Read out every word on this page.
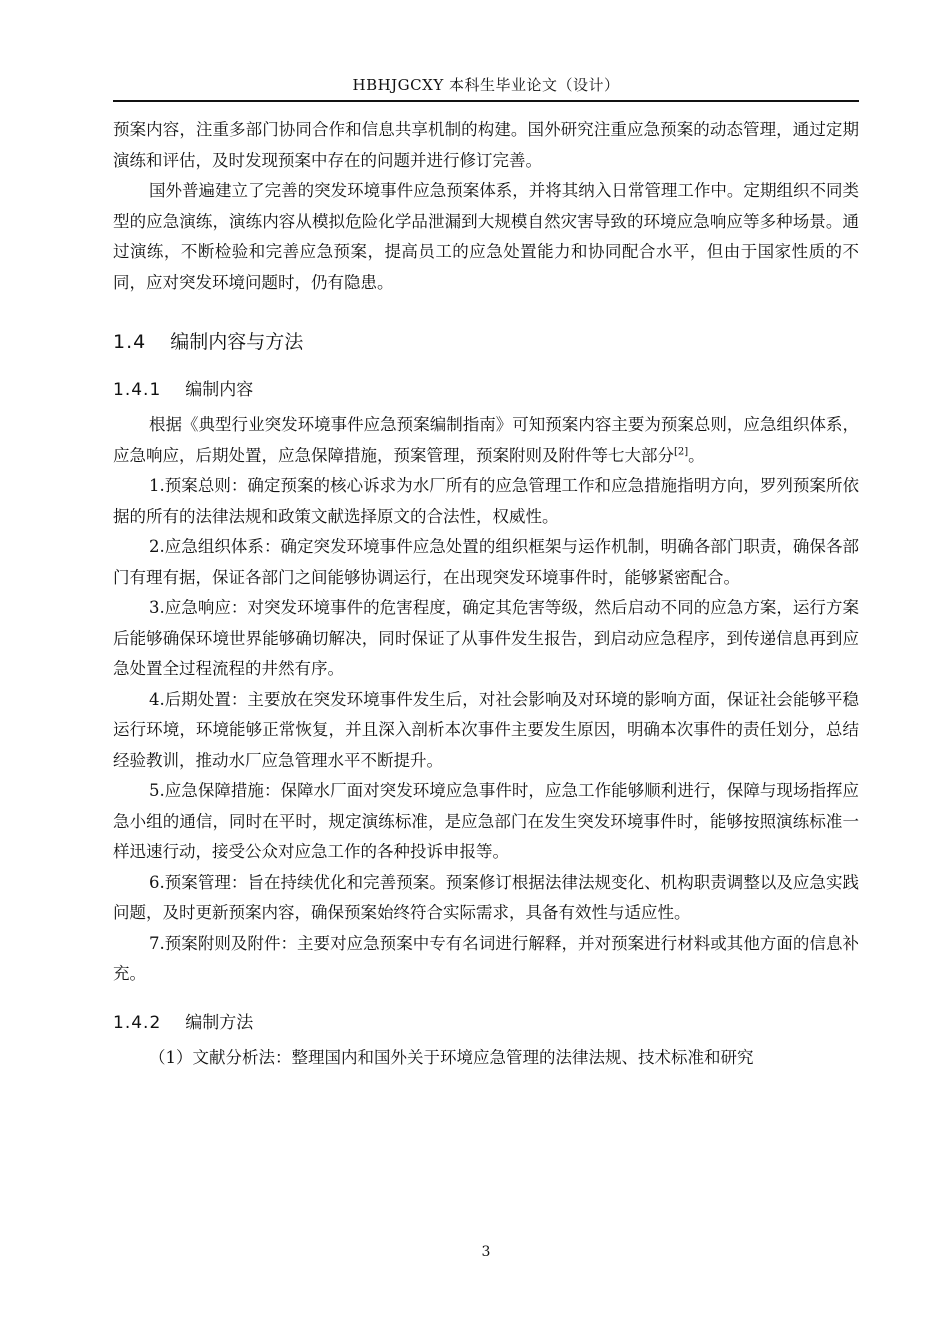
HBHJGCXY 本科生毕业论文（设计）

预案内容，注重多部门协同合作和信息共享机制的构建。国外研究注重应急预案的动态管理，通过定期演练和评估，及时发现预案中存在的问题并进行修订完善。

国外普遍建立了完善的突发环境事件应急预案体系，并将其纳入日常管理工作中。定期组织不同类型的应急演练，演练内容从模拟危险化学品泄漏到大规模自然灾害导致的环境应急响应等多种场景。通过演练，不断检验和完善应急预案，提高员工的应急处置能力和协同配合水平，但由于国家性质的不同，应对突发环境问题时，仍有隐患。

1.4 编制内容与方法
1.4.1 编制内容

根据《典型行业突发环境事件应急预案编制指南》可知预案内容主要为预案总则，应急组织体系，应急响应，后期处置，应急保障措施，预案管理，预案附则及附件等七大部分[2]。

1.预案总则：确定预案的核心诉求为水厂所有的应急管理工作和应急措施指明方向，罗列预案所依据的所有的法律法规和政策文献选择原文的合法性，权威性。

2.应急组织体系：确定突发环境事件应急处置的组织框架与运作机制，明确各部门职责，确保各部门有理有据，保证各部门之间能够协调运行，在出现突发环境事件时，能够紧密配合。

3.应急响应：对突发环境事件的危害程度，确定其危害等级，然后启动不同的应急方案，运行方案后能够确保环境世界能够确切解决，同时保证了从事件发生报告，到启动应急程序，到传递信息再到应急处置全过程流程的井然有序。

4.后期处置：主要放在突发环境事件发生后，对社会影响及对环境的影响方面，保证社会能够平稳运行环境，环境能够正常恢复，并且深入剖析本次事件主要发生原因，明确本次事件的责任划分，总结经验教训，推动水厂应急管理水平不断提升。

5.应急保障措施：保障水厂面对突发环境应急事件时，应急工作能够顺利进行，保障与现场指挥应急小组的通信，同时在平时，规定演练标准，是应急部门在发生突发环境事件时，能够按照演练标准一样迅速行动，接受公众对应急工作的各种投诉申报等。

6.预案管理：旨在持续优化和完善预案。预案修订根据法律法规变化、机构职责调整以及应急实践问题，及时更新预案内容，确保预案始终符合实际需求，具备有效性与适应性。

7.预案附则及附件：主要对应急预案中专有名词进行解释，并对预案进行材料或其他方面的信息补充。

1.4.2 编制方法

（1）文献分析法：整理国内和国外关于环境应急管理的法律法规、技术标准和研究

3
